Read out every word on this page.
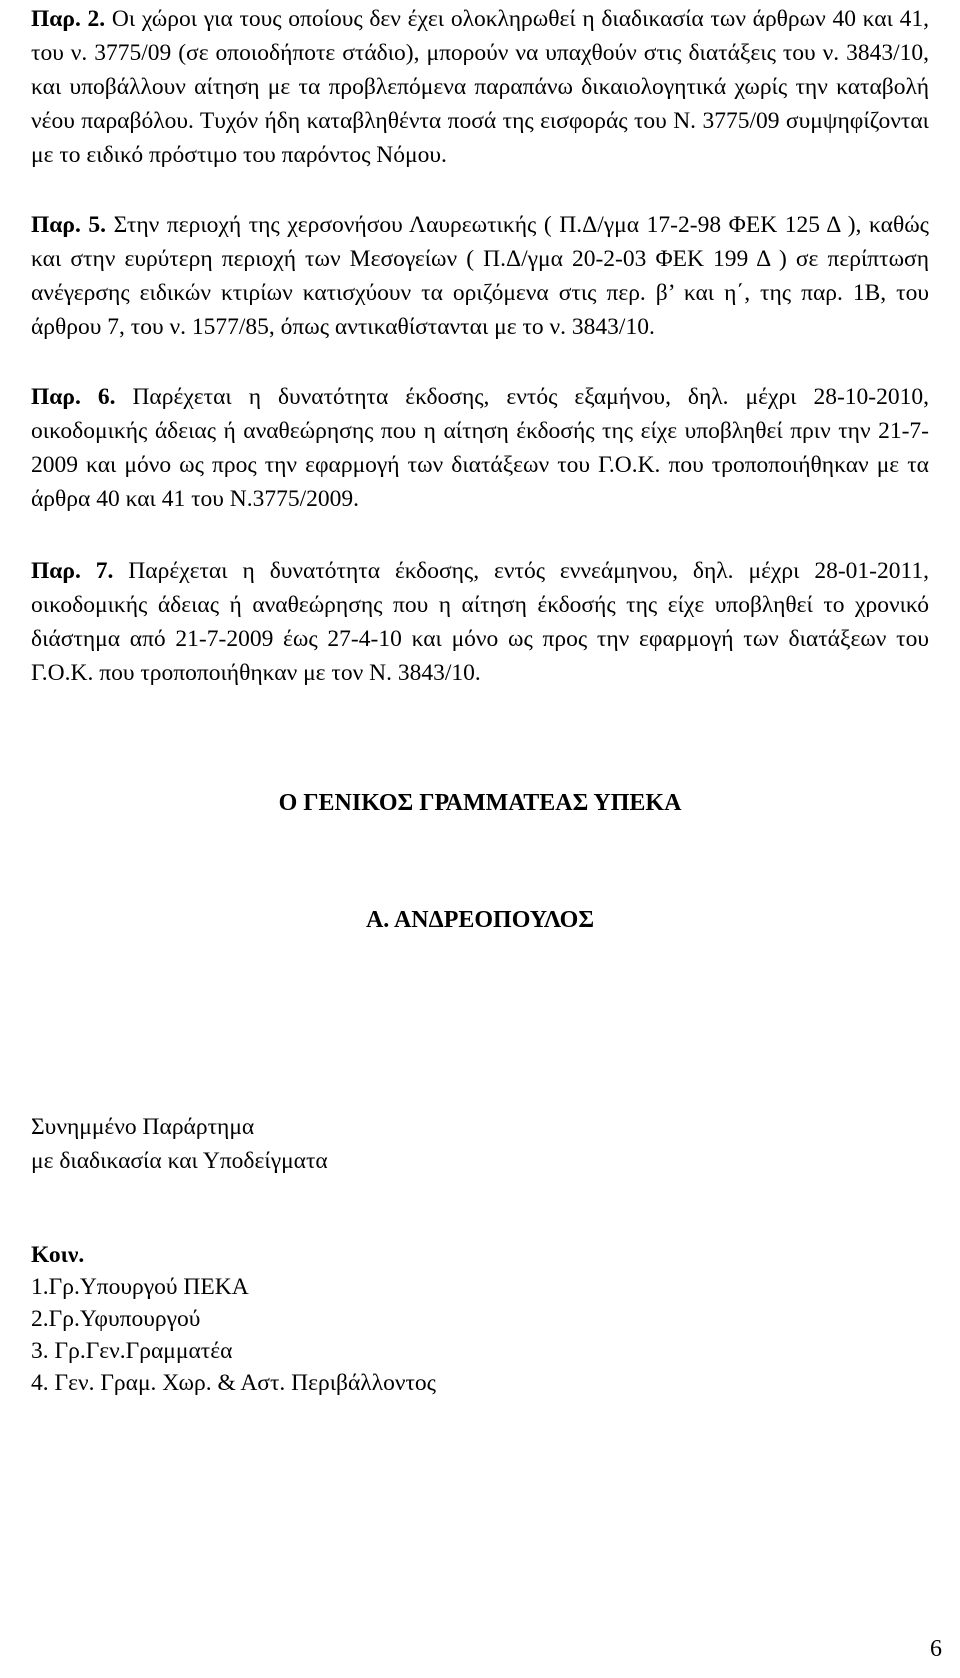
Παρ. 2. Οι χώροι για τους οποίους δεν έχει ολοκληρωθεί η διαδικασία των άρθρων 40 και 41, του ν. 3775/09 (σε οποιοδήποτε στάδιο), μπορούν να υπαχθούν στις διατάξεις του ν. 3843/10, και υποβάλλουν αίτηση με τα προβλεπόμενα παραπάνω δικαιολογητικά χωρίς την καταβολή νέου παραβόλου. Τυχόν ήδη καταβληθέντα ποσά της εισφοράς του Ν. 3775/09 συμψηφίζονται με το ειδικό πρόστιμο του παρόντος Νόμου.

Παρ. 5. Στην περιοχή της χερσονήσου Λαυρεωτικής ( Π.Δ/γμα 17-2-98 ΦΕΚ 125 Δ ), καθώς και στην ευρύτερη περιοχή των Μεσογείων ( Π.Δ/γμα 20-2-03 ΦΕΚ 199 Δ ) σε περίπτωση ανέγερσης ειδικών κτιρίων κατισχύουν τα οριζόμενα στις περ. β’ και η΄, της παρ. 1Β, του άρθρου 7, του ν. 1577/85, όπως αντικαθίστανται με το ν. 3843/10.

Παρ. 6. Παρέχεται η δυνατότητα έκδοσης, εντός εξαμήνου, δηλ. μέχρι 28-10-2010, οικοδομικής άδειας ή αναθεώρησης που η αίτηση έκδοσής της είχε υποβληθεί πριν την 21-7-2009 και μόνο ως προς την εφαρμογή των διατάξεων του Γ.Ο.Κ. που τροποποιήθηκαν με τα άρθρα 40 και 41 του Ν.3775/2009.

Παρ. 7. Παρέχεται η δυνατότητα έκδοσης, εντός εννεάμηνου, δηλ. μέχρι 28-01-2011, οικοδομικής άδειας ή αναθεώρησης που η αίτηση έκδοσής της είχε υποβληθεί το χρονικό διάστημα από 21-7-2009 έως 27-4-10 και μόνο ως προς την εφαρμογή των διατάξεων του Γ.Ο.Κ. που τροποποιήθηκαν με τον Ν. 3843/10.

Ο ΓΕΝΙΚΟΣ ΓΡΑΜΜΑΤΕΑΣ ΥΠΕΚΑ
Α. ΑΝΔΡΕΟΠΟΥΛΟΣ
Συνημμένο Παράρτημα
με διαδικασία και Υποδείγματα
Κοιν.
1.Γρ.Υπουργού ΠΕΚΑ
2.Γρ.Υφυπουργού
3. Γρ.Γεν.Γραμματέα
4. Γεν. Γραμ. Χωρ. & Αστ. Περιβάλλοντος
6
